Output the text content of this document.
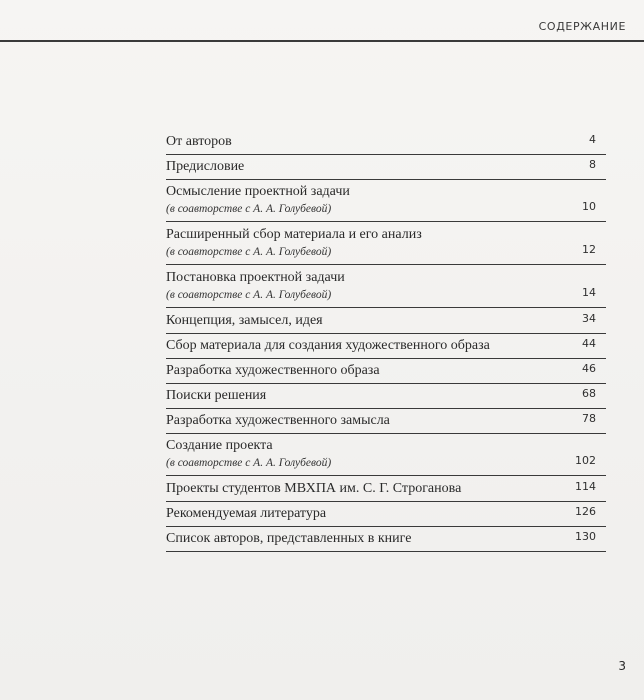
СОДЕРЖАНИЕ
От авторов	4
Предисловие	8
Осмысление проектной задачи
(в соавторстве с А. А. Голубевой)	10
Расширенный сбор материала и его анализ
(в соавторстве с А. А. Голубевой)	12
Постановка проектной задачи
(в соавторстве с А. А. Голубевой)	14
Концепция, замысел, идея	34
Сбор материала для создания художественного образа	44
Разработка художественного образа	46
Поиски решения	68
Разработка художественного замысла	78
Создание проекта
(в соавторстве с А. А. Голубевой)	102
Проекты студентов МВХПА им. С. Г. Строганова	114
Рекомендуемая литература	126
Список авторов, представленных в книге	130
3
